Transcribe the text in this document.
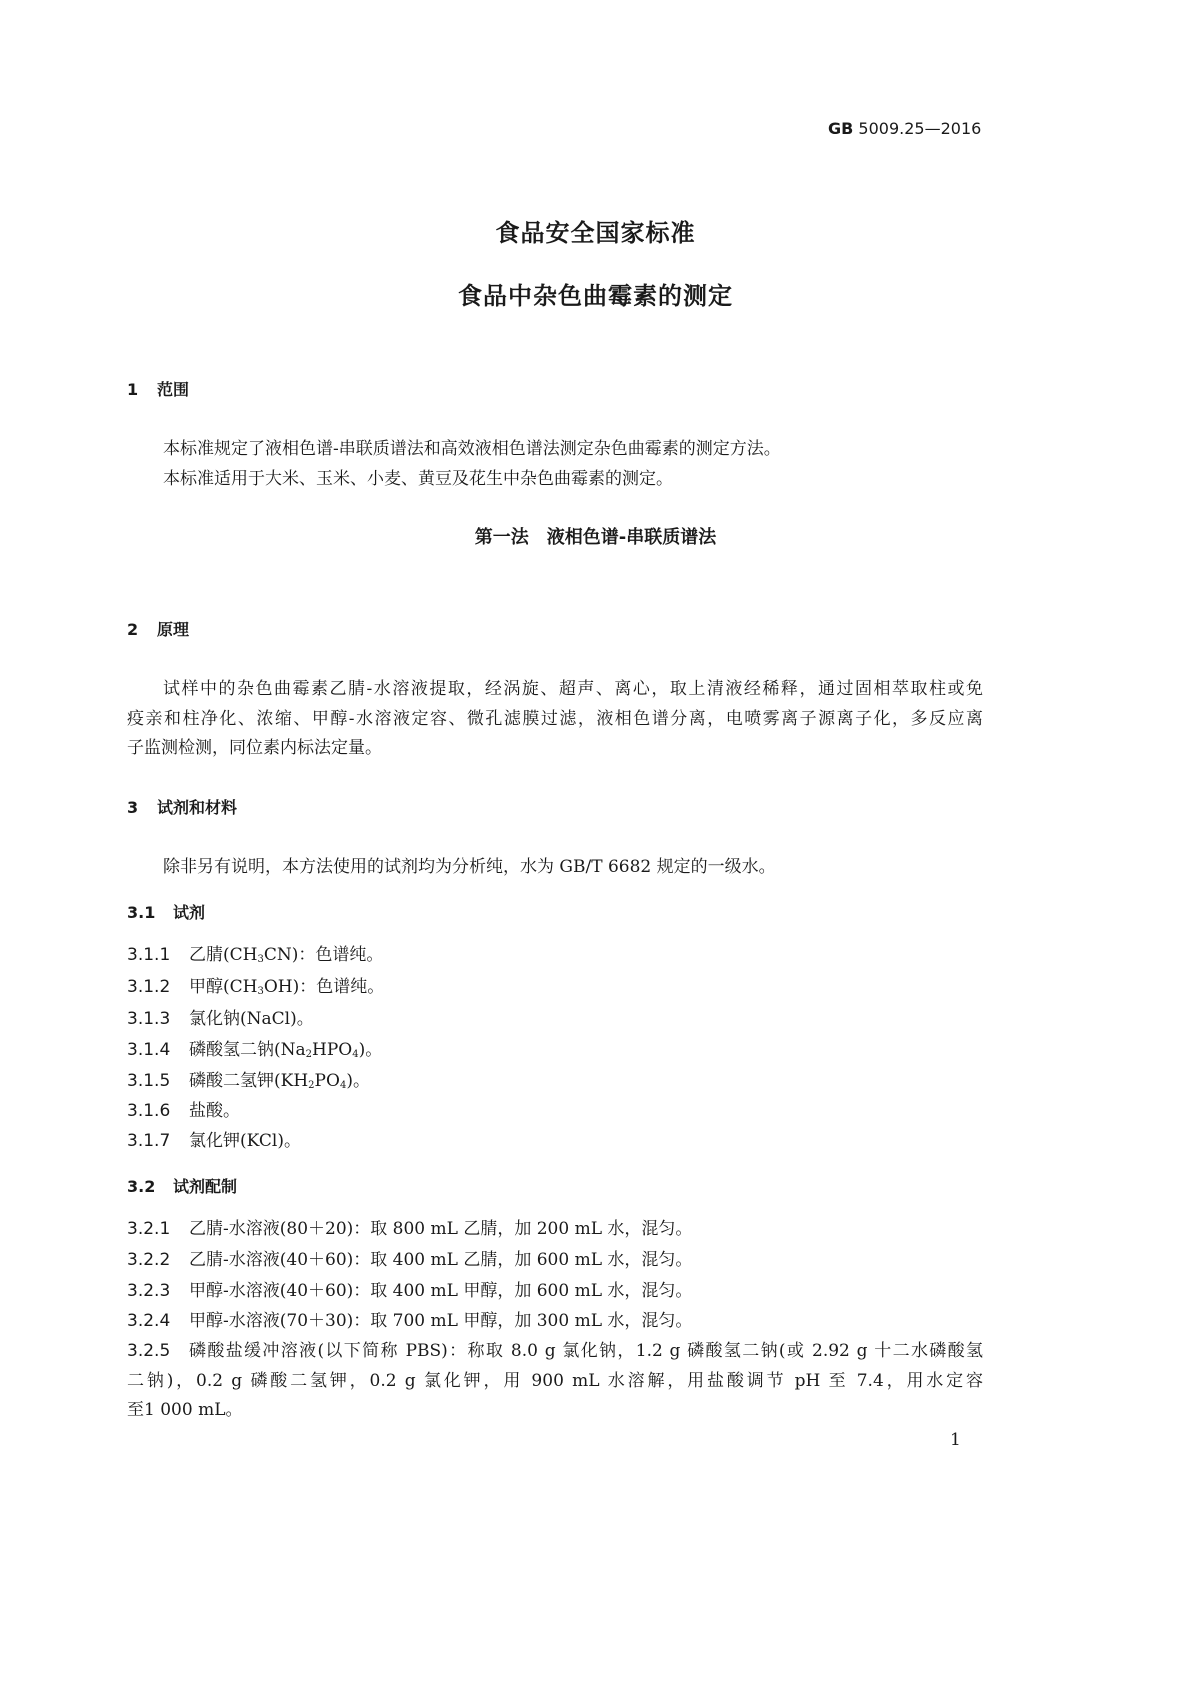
GB 5009.25—2016
食品安全国家标准
食品中杂色曲霉素的测定
1 范围
本标准规定了液相色谱-串联质谱法和高效液相色谱法测定杂色曲霉素的测定方法。
本标准适用于大米、玉米、小麦、黄豆及花生中杂色曲霉素的测定。
第一法　液相色谱-串联质谱法
2 原理
试样中的杂色曲霉素乙腈-水溶液提取，经涡旋、超声、离心，取上清液经稀释，通过固相萃取柱或免
疫亲和柱净化、浓缩、甲醇-水溶液定容、微孔滤膜过滤，液相色谱分离，电喷雾离子源离子化，多反应离
子监测检测，同位素内标法定量。
3 试剂和材料
除非另有说明，本方法使用的试剂均为分析纯，水为 GB/T 6682 规定的一级水。
3.1 试剂
3.1.1 乙腈$(CH_3CN)$：色谱纯。
3.1.2 甲醇$(CH_3OH)$：色谱纯。
3.1.3 氯化钠(NaCl)。
3.1.4 磷酸氢二钠$(Na_2HPO_4)$。
3.1.5 磷酸二氢钾$(KH_2PO_4)$。
3.1.6 盐酸。
3.1.7 氯化钾(KCl)。
3.2 试剂配制
3.2.1 乙腈-水溶液(80＋20)：取 800 mL 乙腈，加 200 mL 水，混匀。
3.2.2 乙腈-水溶液(40＋60)：取 400 mL 乙腈，加 600 mL 水，混匀。
3.2.3 甲醇-水溶液(40＋60)：取 400 mL 甲醇，加 600 mL 水，混匀。
3.2.4 甲醇-水溶液(70＋30)：取 700 mL 甲醇，加 300 mL 水，混匀。
3.2.5	磷酸盐缓冲溶液(以下简称 PBS)：称取 8.0 g 氯化钠，1.2 g 磷酸氢二钠(或 2.92 g 十二水磷酸氢
二钠)，0.2 g 磷酸二氢钾，0.2 g 氯化钾，用 900 mL 水溶解，用盐酸调节 pH 至 7.4，用水定容
至1 000 mL。
1
